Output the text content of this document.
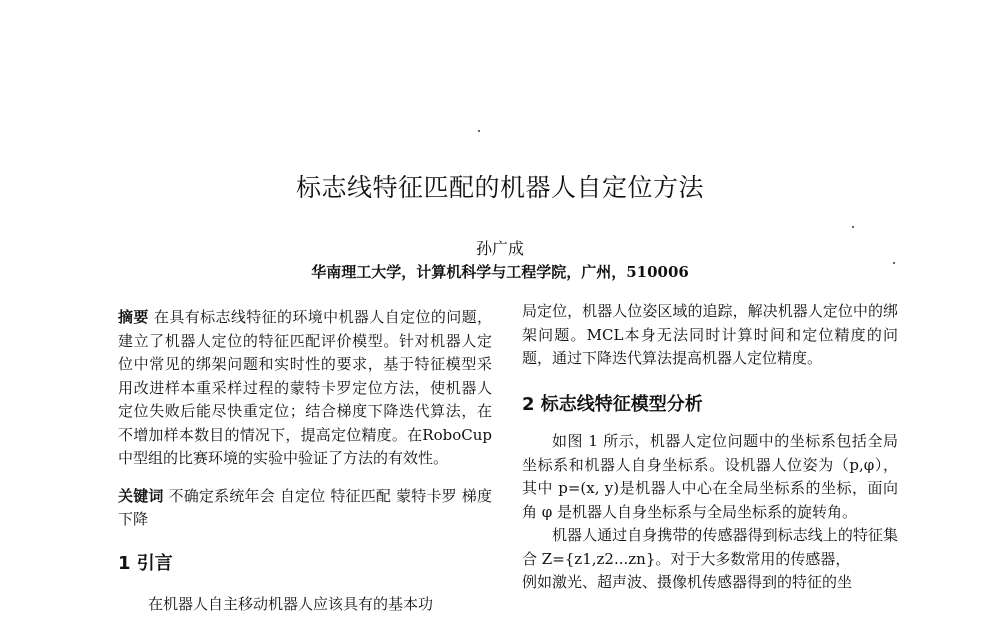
标志线特征匹配的机器人自定位方法
孙广成
华南理工大学，计算机科学与工程学院，广州，510006

摘要 在具有标志线特征的环境中机器人自定位的问题，建立了机器人定位的特征匹配评价模型。针对机器人定位中常见的绑架问题和实时性的要求，基于特征模型采用改进样本重采样过程的蒙特卡罗定位方法，使机器人定位失败后能尽快重定位；结合梯度下降迭代算法，在不增加样本数目的情况下，提高定位精度。在RoboCup中型组的比赛环境的实验中验证了方法的有效性。

关键词 不确定系统年会 自定位 特征匹配 蒙特卡罗 梯度下降

1 引言

在机器人自主移动机器人应该具有的基本功

局定位，机器人位姿区域的追踪，解决机器人定位中的绑架问题。MCL本身无法同时计算时间和定位精度的问题，通过下降迭代算法提高机器人定位精度。

2 标志线特征模型分析

如图 1 所示，机器人定位问题中的坐标系包括全局坐标系和机器人自身坐标系。设机器人位姿为（p,φ），其中 p=(x, y)是机器人中心在全局坐标系的坐标，面向角 φ 是机器人自身坐标系与全局坐标系的旋转角。

机器人通过自身携带的传感器得到标志线上的特征集合 Z={z1,z2...zn}。对于大多数常用的传感器，

例如激光、超声波、摄像机传感器得到的特征的坐
